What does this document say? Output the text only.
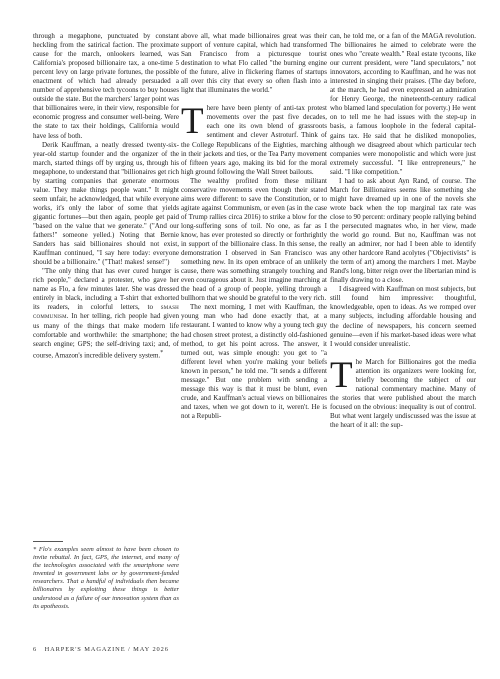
through a megaphone, punctuated by constant heckling from the satirical faction. The proximate cause for the march, onlookers learned, was California's proposed billionaire tax, a one-time 5 percent levy on large private fortunes, the possible enactment of which had already persuaded a number of apprehensive tech tycoons to buy houses outside the state. But the marchers' larger point was that billionaires were, in their view, responsible for economic progress and consumer well-being. Were the state to tax their holdings, California would have less of both.

Derik Kauffman, a neatly dressed twenty-six-year-old startup founder and the organizer of the march, started things off by urging us, through his megaphone, to understand that "billionaires get rich by starting companies that generate enormous value. They make things people want." It might seem unfair, he acknowledged, that while everyone works, it's only the labor of some that yields gigantic fortunes—but then again, people get paid "based on the value that we generate." ("And our fathers!" someone yelled.) Noting that Bernie Sanders has said billionaires should not exist, Kauffman continued, "I say here today: everyone should be a billionaire." ("That! makes! sense!")

"The only thing that has ever cured hunger is rich people," declared a protester, who gave her name as Flo, a few minutes later. She was dressed entirely in black, including a T-shirt that exhorted its readers, in colorful letters, to smash communism. In her telling, rich people had given us many of the things that make modern life comfortable and worthwhile: the smartphone; the search engine; GPS; the self-driving taxi; and, of course, Amazon's incredible delivery system.*

* Flo's examples seem almost to have been chosen to invite rebuttal. In fact, GPS, the internet, and many of the technologies associated with the smartphone were invented in government labs or by government-funded researchers. That a handful of individuals then became billionaires by exploiting these things is better understood as a failure of our innovation system than as its apotheosis.

above all, what made billionaires great was their support of venture capital, which had transformed San Francisco from a picturesque tourist destination to what Flo called "the burning engine of the future, alive in flickering flames of startups all over this city that every so often flash into a light that illuminates the world."

There have been plenty of anti-tax protest movements over the past five decades, each one its own blend of grassroots sentiment and clever Astroturf. Think of the College Republicans of the Eighties, marching in their jackets and ties, or the Tea Party movement of fifteen years ago, making its bid for the moral high ground following the Wall Street bailouts.

The wealthy profited from these militant conservative movements even though their stated aims were different: to save the Constitution, or to agitate against Communism, or even (as in the case of Trump rallies circa 2016) to strike a blow for the long-suffering sons of toil. No one, as far as I know, has ever protested so directly or forthrightly in support of the billionaire class. In this sense, the demonstration I observed in San Francisco was something new. In its open embrace of an unlikely cause, there was something strangely touching and even courageous about it. Just imagine marching at the head of a group of people, yelling through a bullhorn that we should be grateful to the very rich.

The next morning, I met with Kauffman, the young man who had done exactly that, at a restaurant. I wanted to know why a young tech guy had chosen street protest, a distinctly old-fashioned method, to get his point across. The answer, it turned out, was simple enough: you get to "a different level when you're making your beliefs known in person," he told me. "It sends a different message." But one problem with sending a message this way is that it must be blunt, even crude, and Kauffman's actual views on billionaires and taxes, when we got down to it, weren't. He is not a Republi-

can, he told me, or a fan of the MAGA revolution. The billionaires he aimed to celebrate were the ones who "create wealth." Real estate tycoons, like our current president, were "land speculators," not innovators, according to Kauffman, and he was not interested in singing their praises. (The day before, at the march, he had even expressed an admiration for Henry George, the nineteenth-century radical who blamed land speculation for poverty.) He went on to tell me he had issues with the step-up in basis, a famous loophole in the federal capital-gains tax. He said that he disliked monopolies, although we disagreed about which particular tech companies were monopolistic and which were just extremely successful. "I like entrepreneurs," he said. "I like competition."

I had to ask about Ayn Rand, of course. The March for Billionaires seems like something she might have dreamed up in one of the novels she wrote back when the top marginal tax rate was close to 90 percent: ordinary people rallying behind the persecuted magnates who, in her view, made the world go round. But no, Kauffman was not really an admirer, nor had I been able to identify any other hardcore Rand acolytes ("Objectivists" is the term of art) among the marchers I met. Maybe Rand's long, bitter reign over the libertarian mind is finally drawing to a close.

I disagreed with Kauffman on most subjects, but still found him impressive: thoughtful, knowledgeable, open to ideas. As we romped over many subjects, including affordable housing and the decline of newspapers, his concern seemed genuine—even if his market-based ideas were what I would consider unrealistic.

The March for Billionaires got the media attention its organizers were looking for, briefly becoming the subject of our national commentary machine. Many of the stories that were published about the march focused on the obvious: inequality is out of control. But what went largely undiscussed was the issue at the heart of it all: the sup-

6 HARPER'S MAGAZINE / MAY 2026
